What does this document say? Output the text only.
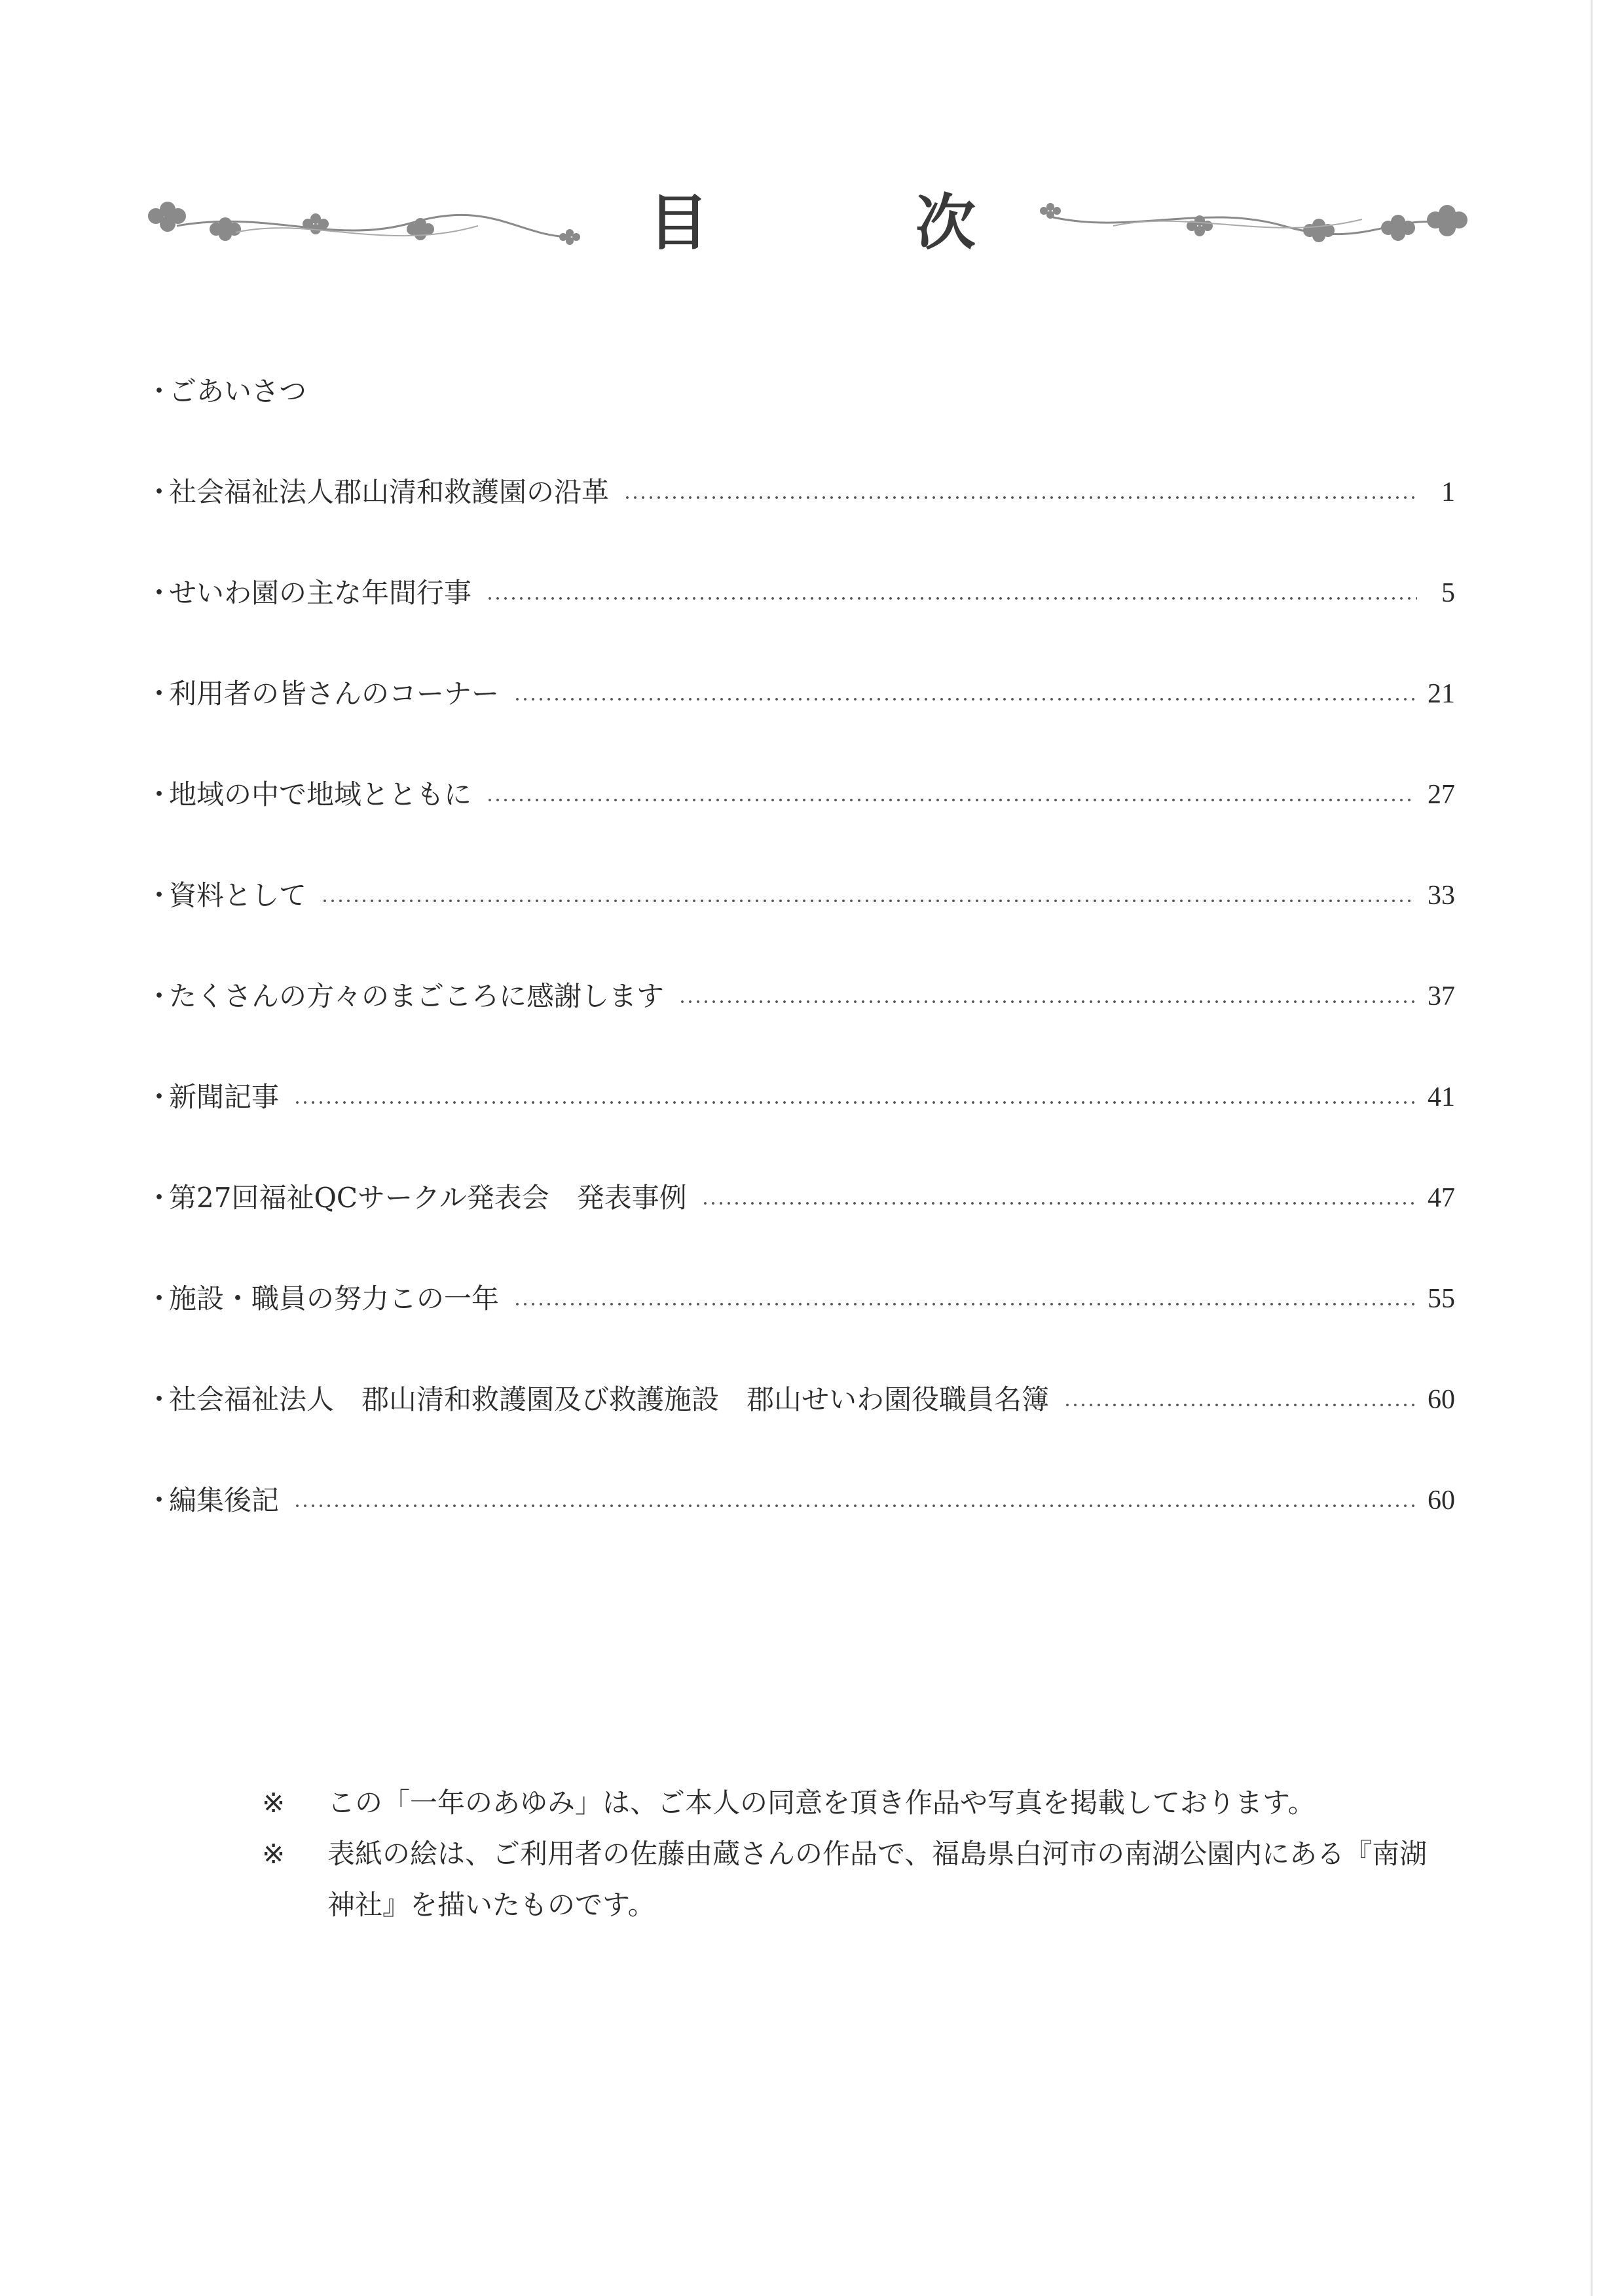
目	次
・
ごあいさつ
・
社会福祉法人郡山清和救護園の沿革	1
・
せいわ園の主な年間行事	5
・
利用者の皆さんのコーナー	21
・
地域の中で地域とともに	27
・
資料として	33
・
たくさんの方々のまごころに感謝します	37
・
新聞記事	41
・
第27回福祉QCサークル発表会　発表事例	47
・
施設・職員の努力この一年	55
・
社会福祉法人　郡山清和救護園及び救護施設　郡山せいわ園役職員名簿	60
・
編集後記	60
※	この「一年のあゆみ」は、ご本人の同意を頂き作品や写真を掲載しております。
※	表紙の絵は、ご利用者の佐藤由蔵さんの作品で、福島県白河市の南湖公園内にある『南湖神社』を描いたものです。
